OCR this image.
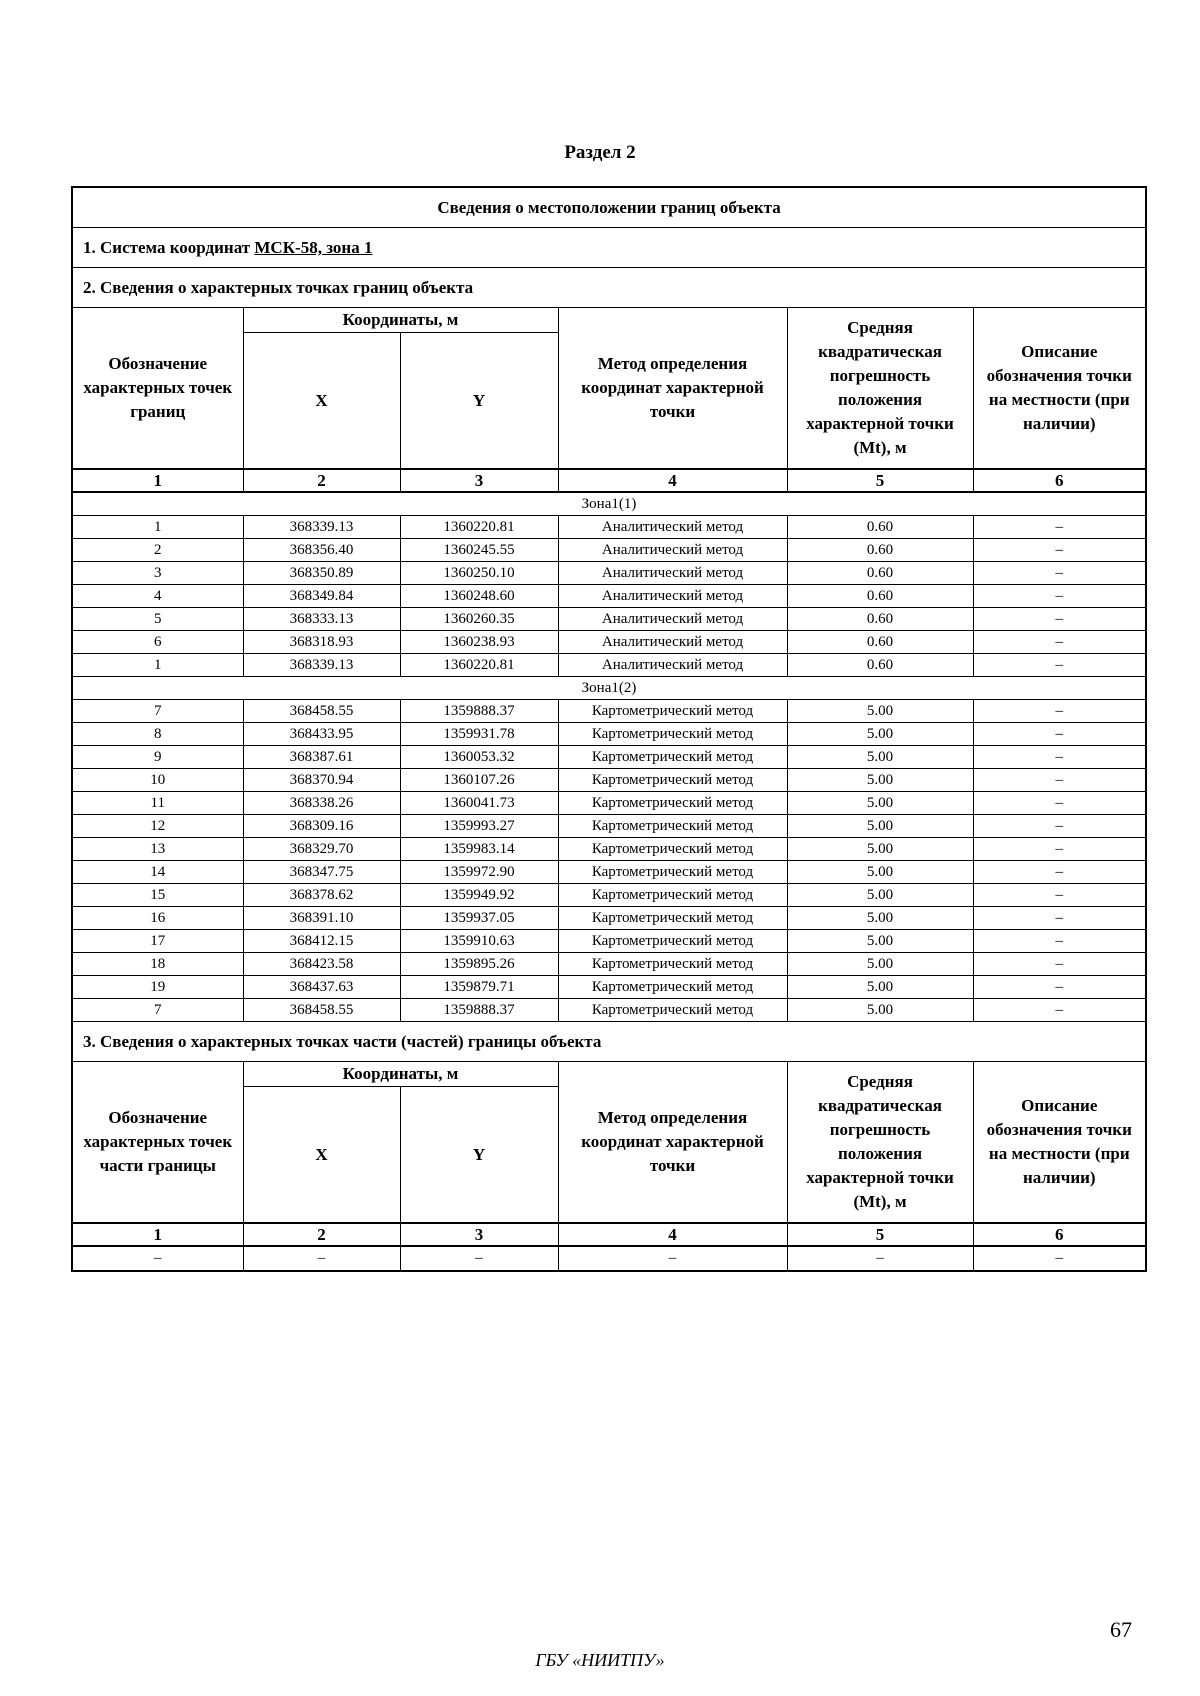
Раздел 2
Сведения о местоположении границ объекта					
1. Система координат МСК-58, зона 1					
2. Сведения о характерных точках границ объекта					
Обозначение характерных точек границ	Координаты, м		Метод определения координат характерной точки	Средняя квадратическая погрешность положения характерной точки (Mt), м	Описание обозначения точки на местности (при наличии)
	X	Y			
1	2	3	4	5	6
Зона1(1)					
1	368339.13	1360220.81	Аналитический метод	0.60	–
2	368356.40	1360245.55	Аналитический метод	0.60	–
3	368350.89	1360250.10	Аналитический метод	0.60	–
4	368349.84	1360248.60	Аналитический метод	0.60	–
5	368333.13	1360260.35	Аналитический метод	0.60	–
6	368318.93	1360238.93	Аналитический метод	0.60	–
1	368339.13	1360220.81	Аналитический метод	0.60	–
Зона1(2)					
7	368458.55	1359888.37	Картометрический метод	5.00	–
8	368433.95	1359931.78	Картометрический метод	5.00	–
9	368387.61	1360053.32	Картометрический метод	5.00	–
10	368370.94	1360107.26	Картометрический метод	5.00	–
11	368338.26	1360041.73	Картометрический метод	5.00	–
12	368309.16	1359993.27	Картометрический метод	5.00	–
13	368329.70	1359983.14	Картометрический метод	5.00	–
14	368347.75	1359972.90	Картометрический метод	5.00	–
15	368378.62	1359949.92	Картометрический метод	5.00	–
16	368391.10	1359937.05	Картометрический метод	5.00	–
17	368412.15	1359910.63	Картометрический метод	5.00	–
18	368423.58	1359895.26	Картометрический метод	5.00	–
19	368437.63	1359879.71	Картометрический метод	5.00	–
7	368458.55	1359888.37	Картометрический метод	5.00	–
3. Сведения о характерных точках части (частей) границы объекта					
Обозначение характерных точек части границы	Координаты, м		Метод определения координат характерной точки	Средняя квадратическая погрешность положения характерной точки (Mt), м	Описание обозначения точки на местности (при наличии)
	X	Y			
1	2	3	4	5	6
–	–	–	–	–	–
67
ГБУ «НИИТПУ»
